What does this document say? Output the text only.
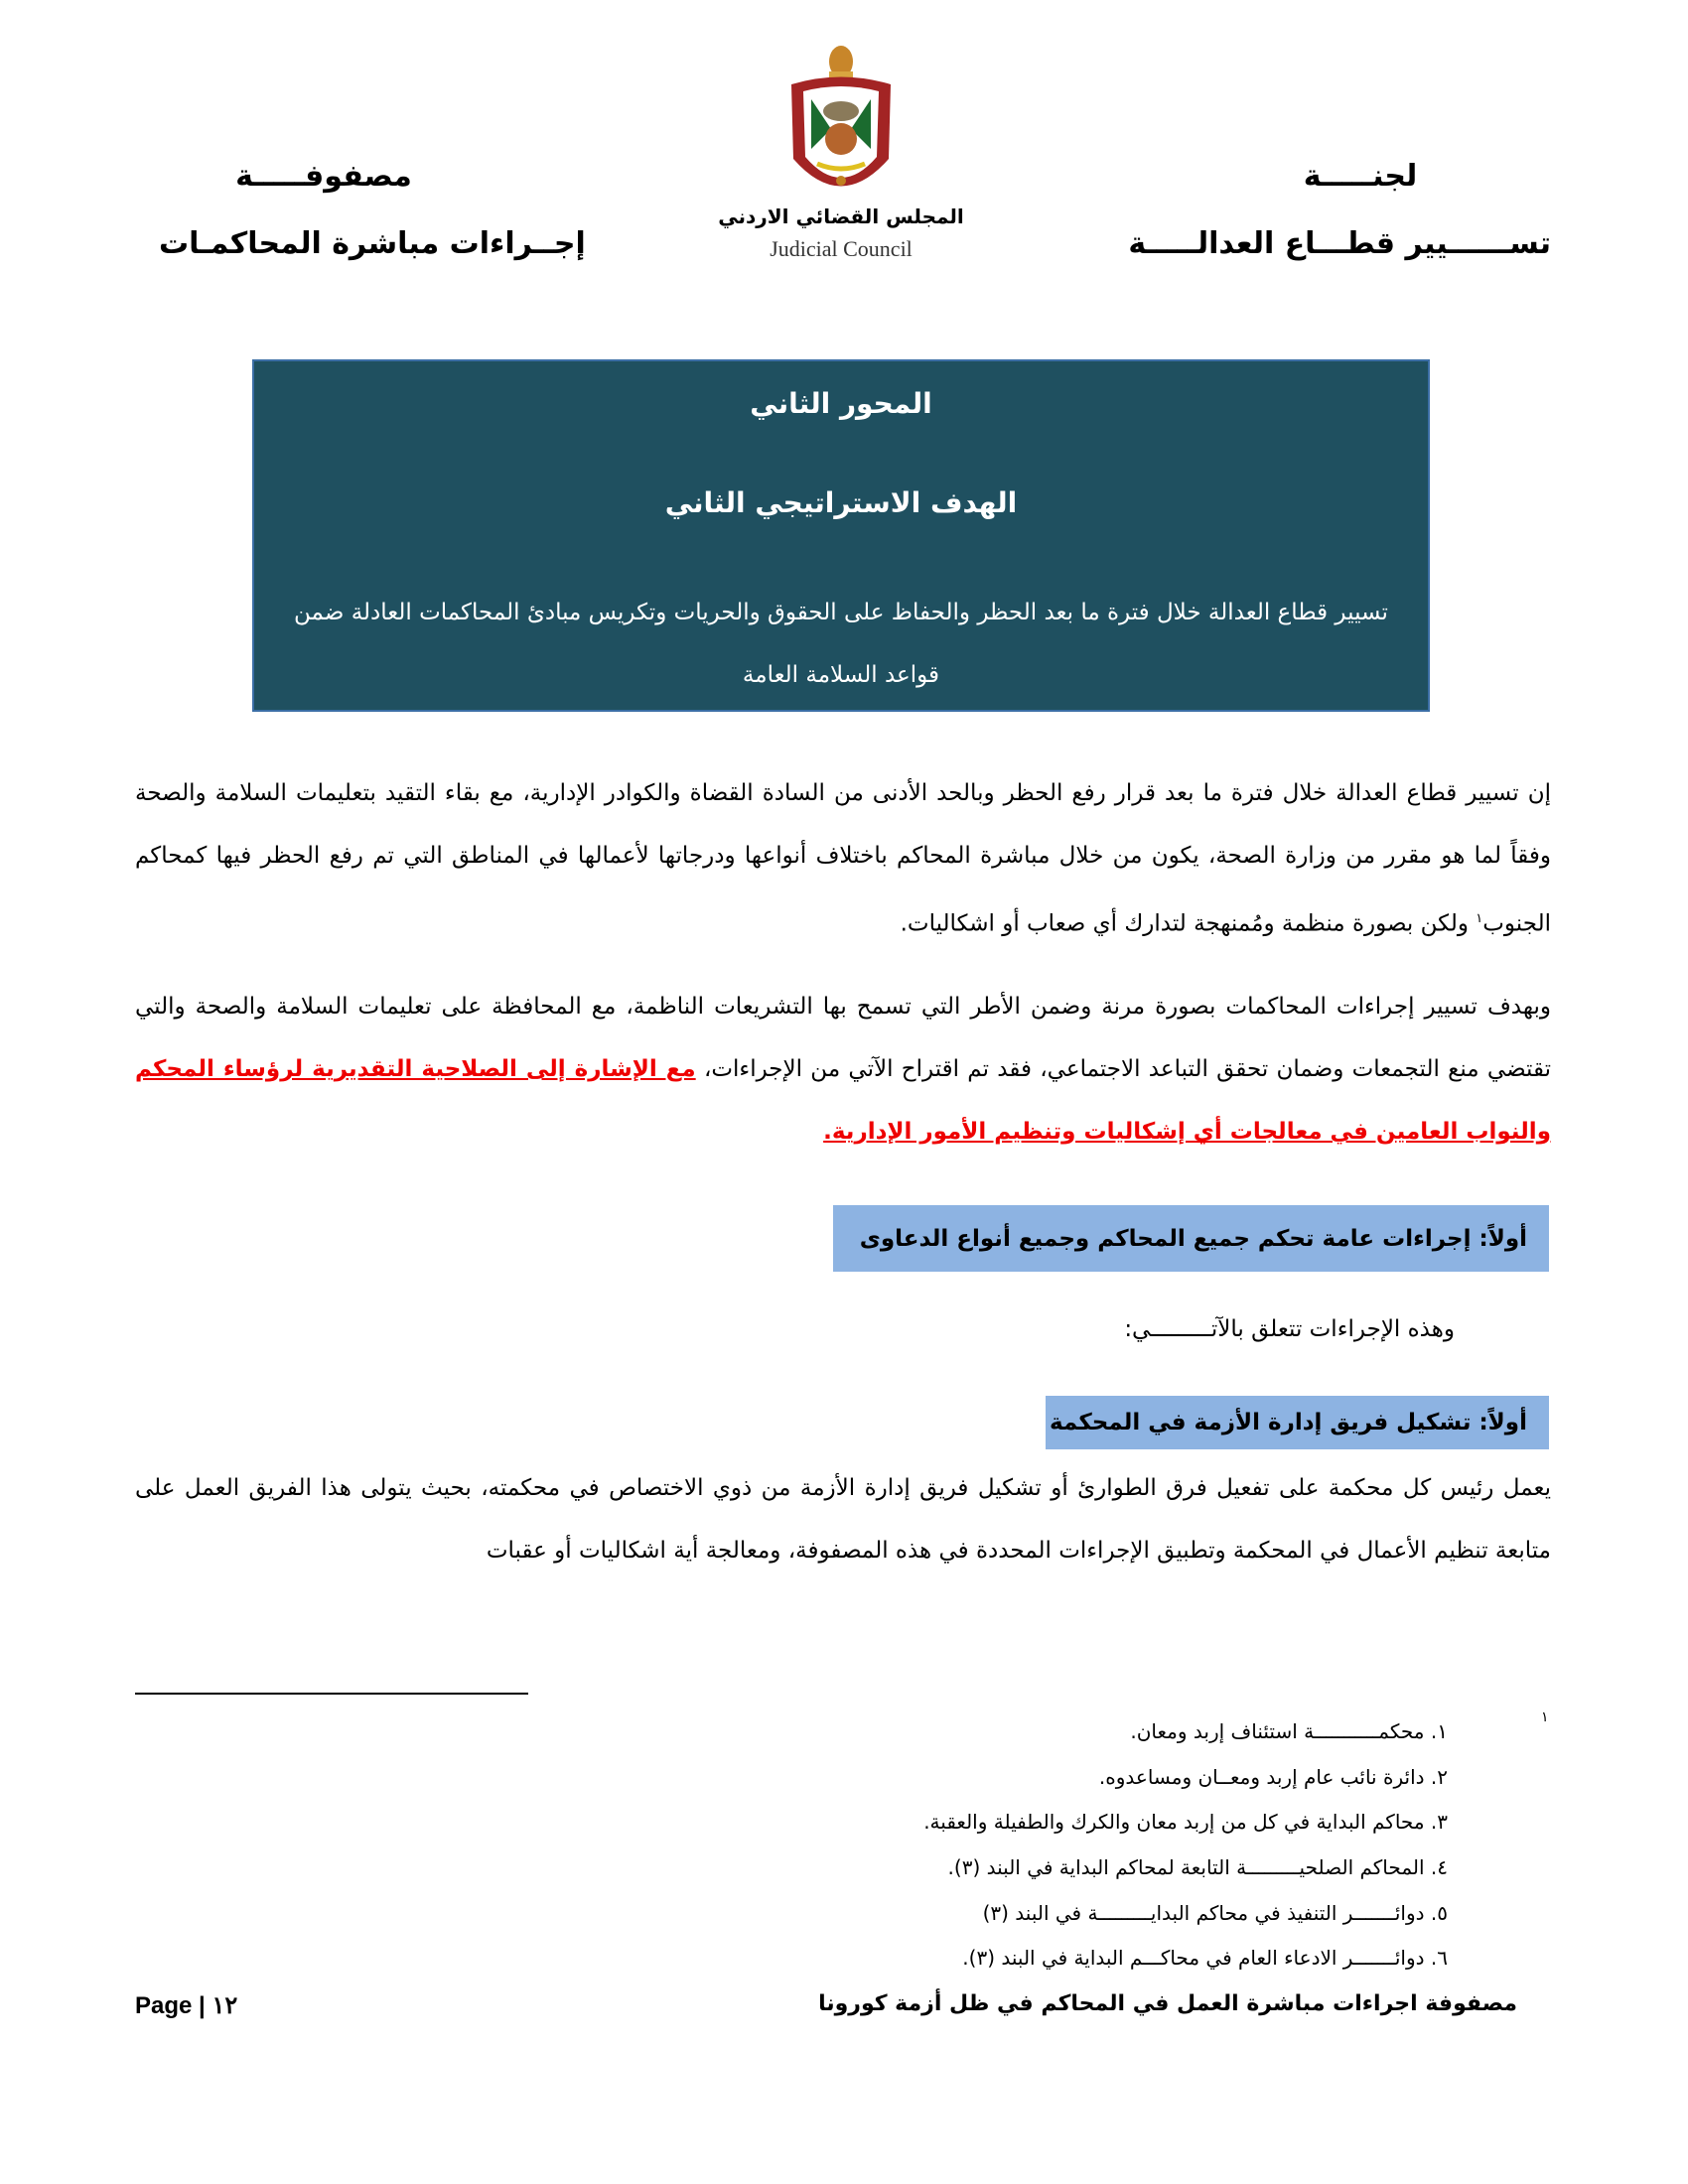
لجنـــــة
تســــــيير قطـــاع العدالـــــة
مصفوفـــــة
إجــراءات مباشرة المحاكمـات
المجلس القضائي الاردني
Judicial Council
المحور الثاني
الهدف الاستراتيجي الثاني
تسيير قطاع العدالة خلال فترة ما بعد الحظر والحفاظ على الحقوق والحريات وتكريس مبادئ المحاكمات العادلة ضمن قواعد السلامة العامة
إن تسيير قطاع العدالة خلال فترة ما بعد قرار رفع الحظر وبالحد الأدنى من السادة القضاة والكوادر الإدارية، مع بقاء التقيد بتعليمات السلامة والصحة وفقاً لما هو مقرر من وزارة الصحة، يكون من خلال مباشرة المحاكم باختلاف أنواعها ودرجاتها لأعمالها في المناطق التي تم رفع الحظر فيها كمحاكم الجنوب$^١$ ولكن بصورة منظمة ومُمنهجة لتدارك أي صعاب أو اشكاليات.
وبهدف تسيير إجراءات المحاكمات بصورة مرنة وضمن الأطر التي تسمح بها التشريعات الناظمة، مع المحافظة على تعليمات السلامة والصحة والتي تقتضي منع التجمعات وضمان تحقق التباعد الاجتماعي، فقد تم اقتراح الآتي من الإجراءات، مع الإشارة إلى الصلاحية التقديرية لرؤساء المحكم والنواب العامين في معالجات أي إشكاليات وتنظيم الأمور الإدارية.
أولاً: إجراءات عامة تحكم جميع المحاكم وجميع أنواع الدعاوى
وهذه الإجراءات تتعلق بالآتـــــــــي:
أولاً: تشكيل فريق إدارة الأزمة في المحكمة
يعمل رئيس كل محكمة على تفعيل فرق الطوارئ أو تشكيل فريق إدارة الأزمة من ذوي الاختصاص في محكمته، بحيث يتولى هذا الفريق العمل على متابعة تنظيم الأعمال في المحكمة وتطبيق الإجراءات المحددة في هذه المصفوفة، ومعالجة أية اشكاليات أو عقبات
١
١. محكمـــــــــــة استئناف إربد ومعان.
٢. دائرة نائب عام إربد ومعــان ومساعدوه.
٣. محاكم البداية في كل من إربد معان والكرك والطفيلة والعقبة.
٤. المحاكم الصلحيـــــــــة التابعة لمحاكم البداية في البند (٣).
٥. دوائـــــــر التنفيذ في محاكم البدايـــــــــة في البند (٣)
٦. دوائـــــــر الادعاء العام في محاكـــم البداية في البند (٣).
Page | ١٢	مصفوفة اجراءات مباشرة العمل في المحاكم في ظل أزمة كورونا
